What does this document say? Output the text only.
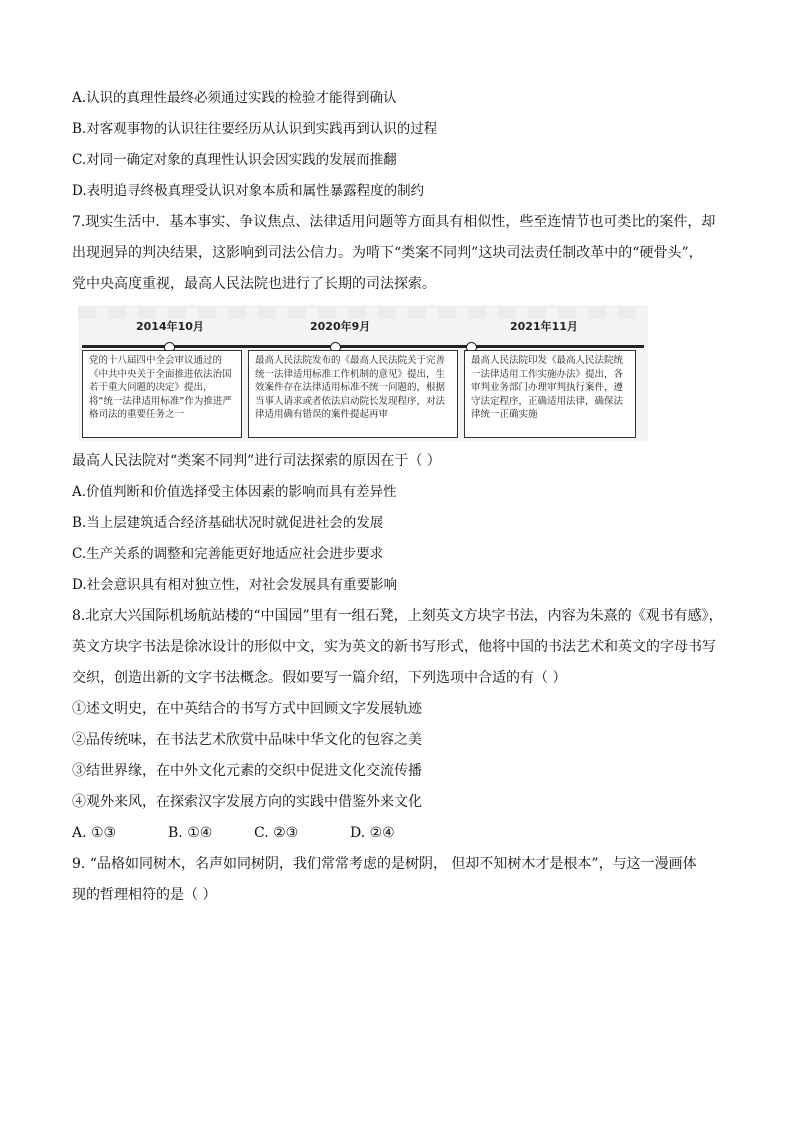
A.认识的真理性最终必须通过实践的检验才能得到确认
B.对客观事物的认识往往要经历从认识到实践再到认识的过程
C.对同一确定对象的真理性认识会因实践的发展而推翻
D.表明追寻终极真理受认识对象本质和属性暴露程度的制约
7.现实生活中．基本事实、争议焦点、法律适用问题等方面具有相似性，些至连情节也可类比的案件，却
出现迥异的判决结果，这影响到司法公信力。为啃下“类案不同判”这块司法责任制改革中的“硬骨头”，
党中央高度重视，最高人民法院也进行了长期的司法探索。
2014年10月
党的十八届四中全会审议通过的《中共中央关于全面推进依法治国若干重大问题的决定》提出，将“统一法律适用标准”作为推进严格司法的重要任务之一
2020年9月
最高人民法院发布的《最高人民法院关于完善统一法律适用标准工作机制的意见》提出，生效案件存在法律适用标准不统一问题的，根据当事人请求或者依法启动院长发现程序，对法律适用确有错误的案件提起再审
2021年11月
最高人民法院印发《最高人民法院统一法律适用工作实施办法》提出，各审判业务部门办理审判执行案件，遵守法定程序，正确适用法律，确保法律统一正确实施
最高人民法院对“类案不同判”进行司法探索的原因在于（ ）
A.价值判断和价值选择受主体因素的影响而具有差异性
B.当上层建筑适合经济基础状况时就促进社会的发展
C.生产关系的调整和完善能更好地适应社会进步要求
D.社会意识具有相对独立性，对社会发展具有重要影响
8.北京大兴国际机场航站楼的“中国园”里有一组石凳，上刻英文方块字书法，内容为朱熹的《观书有感》，
英文方块字书法是徐冰设计的形似中文，实为英文的新书写形式，他将中国的书法艺术和英文的字母书写
交织，创造出新的文字书法概念。假如要写一篇介绍，下列选项中合适的有（ ）
①述文明史，在中英结合的书写方式中回顾文字发展轨迹
②品传统味，在书法艺术欣赏中品味中华文化的包容之美
③结世界缘，在中外文化元素的交织中促进文化交流传播
④观外来风，在探索汉字发展方向的实践中借鉴外来文化
A. ①③	B. ①④	C. ②③	D. ②④
9. “品格如同树木，名声如同树阴，我们常常考虑的是树阴， 但却不知树木才是根本”，与这一漫画体
现的哲理相符的是（ ）
